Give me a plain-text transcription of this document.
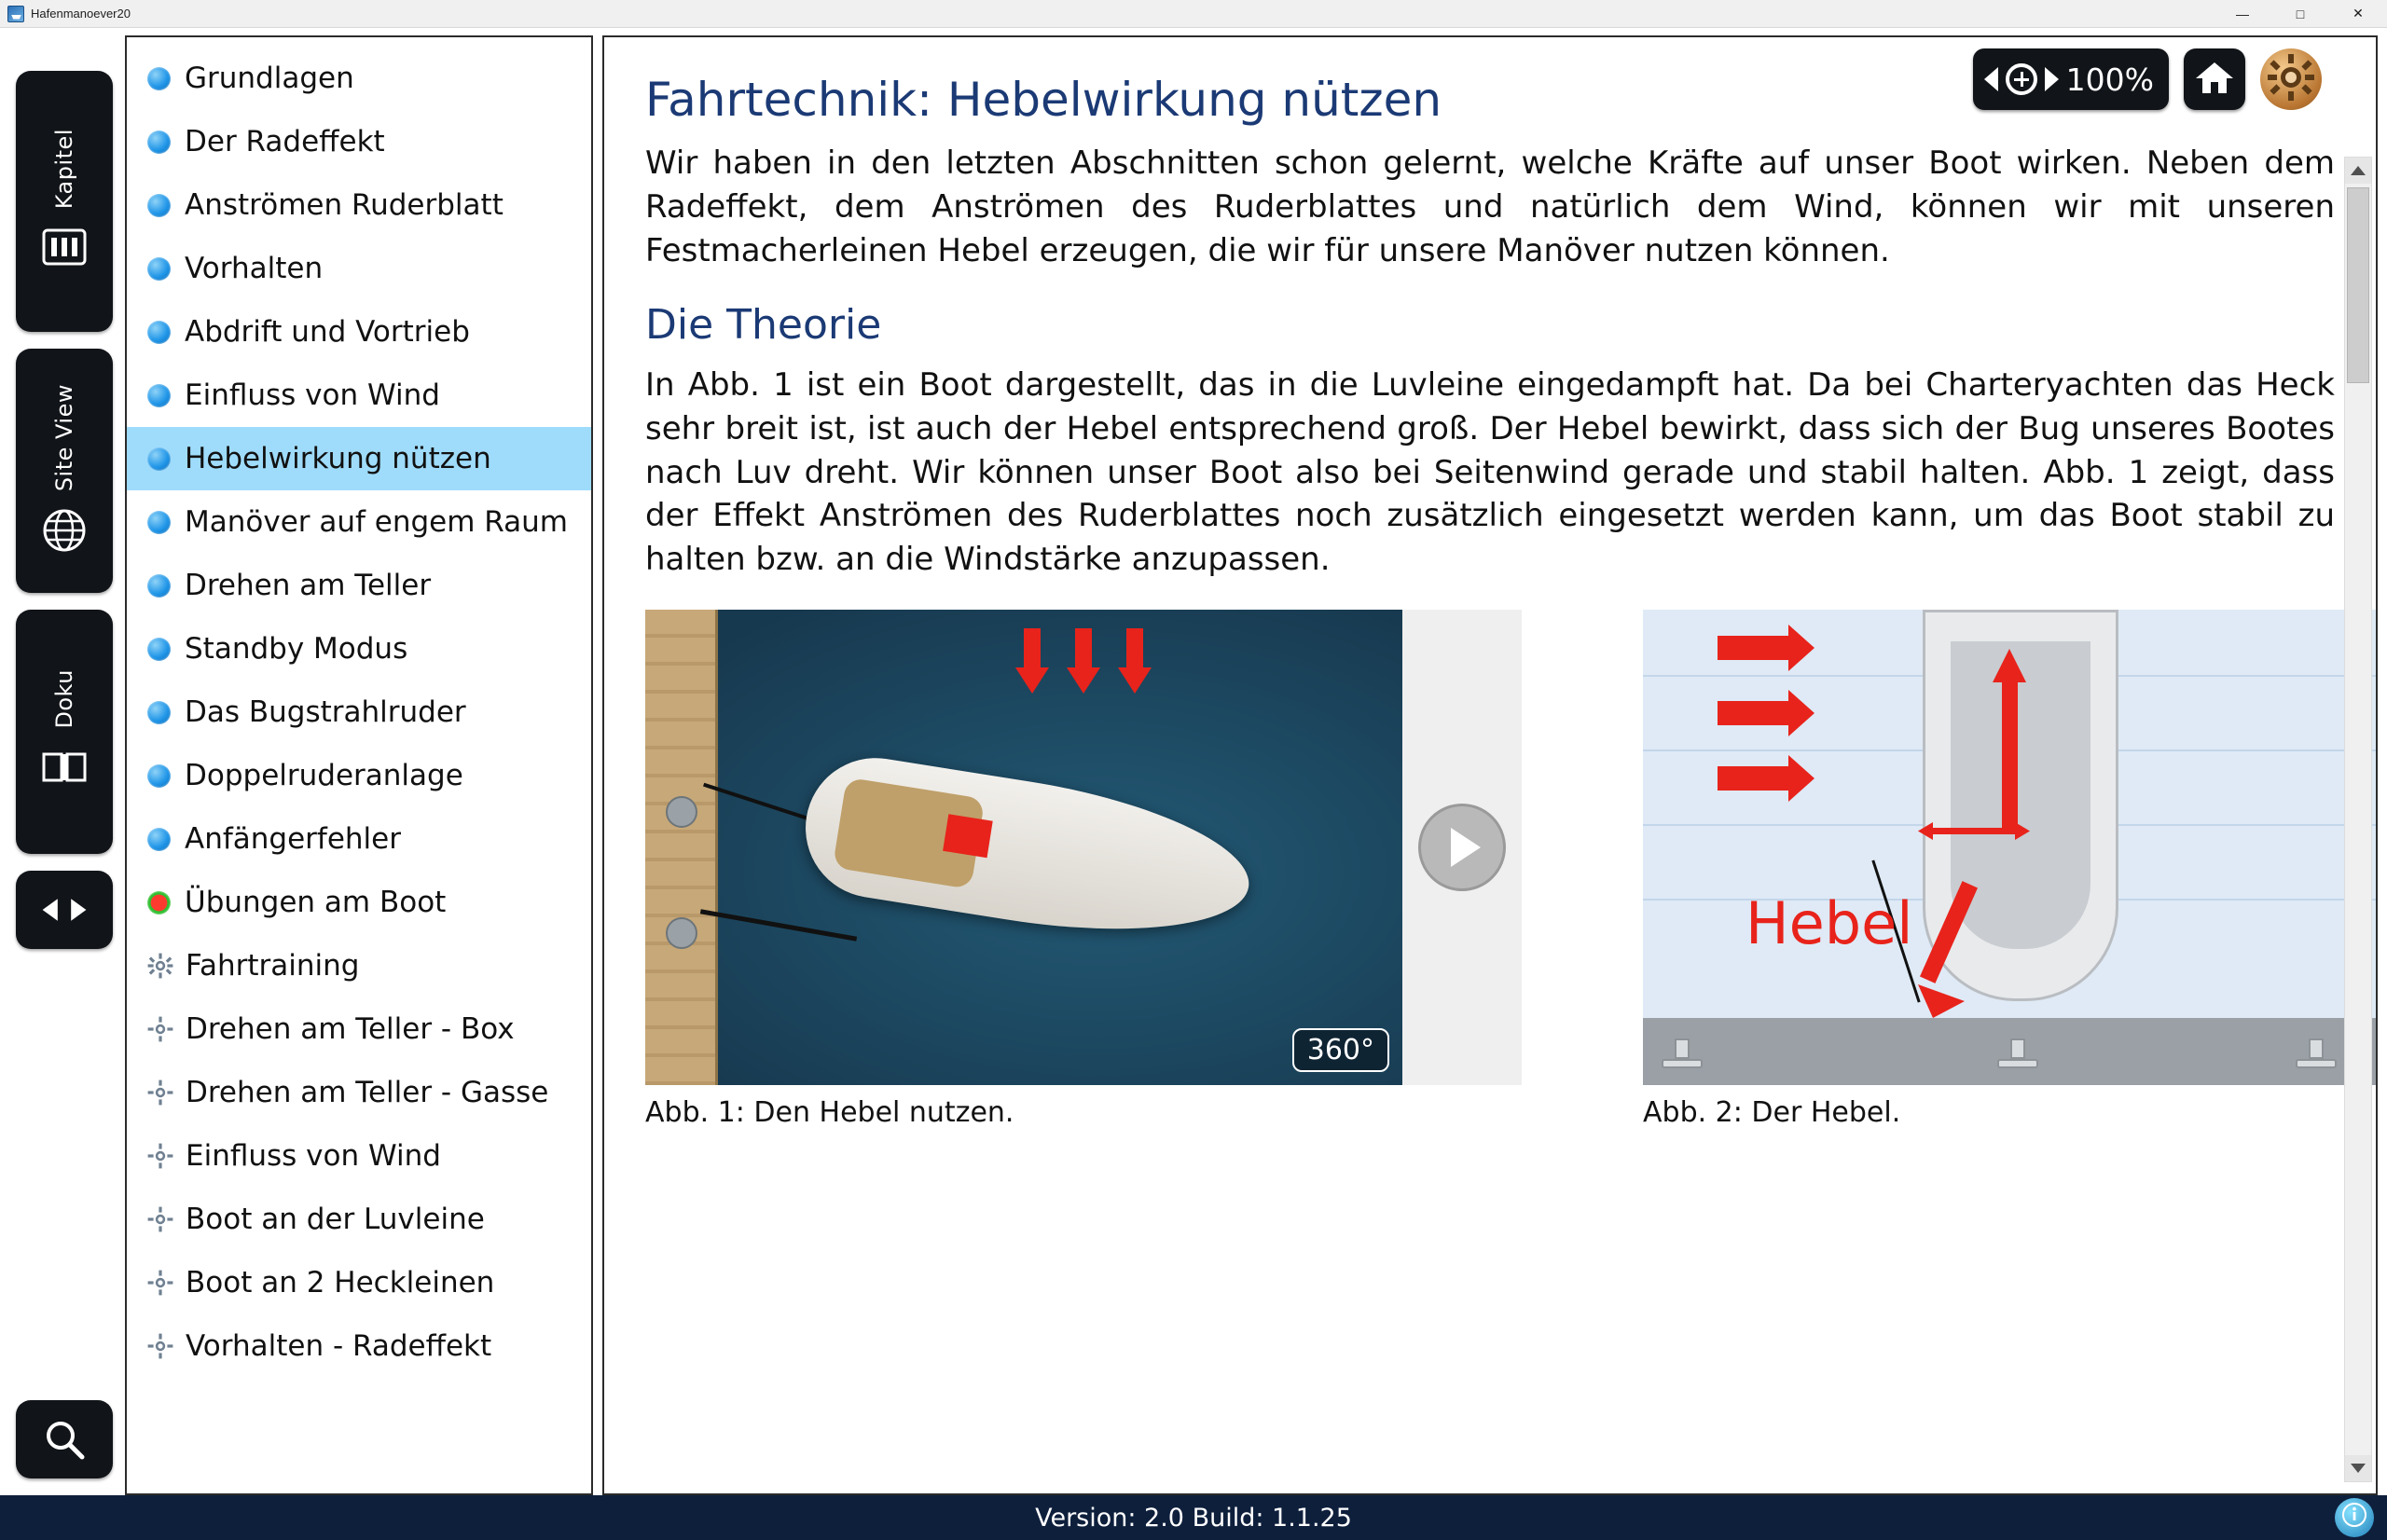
Hafenmanoever20	—	□	✕
Kapitel
Site View
Doku
Grundlagen
Der Radeffekt
Anströmen Ruderblatt
Vorhalten
Abdrift und Vortrieb
Einfluss von Wind
Hebelwirkung nützen
Manöver auf engem Raum
Drehen am Teller
Standby Modus
Das Bugstrahlruder
Doppelruderanlage
Anfängerfehler
Übungen am Boot
Fahrtraining
Drehen am Teller - Box
Drehen am Teller - Gasse
Einfluss von Wind
Boot an der Luvleine
Boot an 2 Heckleinen
Vorhalten - Radeffekt
100%
Fahrtechnik: Hebelwirkung nützen

Wir haben in den letzten Abschnitten schon gelernt, welche Kräfte auf unser Boot wirken. Neben dem Radeffekt, dem Anströmen des Ruderblattes und natürlich dem Wind, können wir mit unseren Festmacherleinen Hebel erzeugen, die wir für unsere Manöver nutzen können.

Die Theorie

In Abb. 1 ist ein Boot dargestellt, das in die Luvleine eingedampft hat. Da bei Charteryachten das Heck sehr breit ist, ist auch der Hebel entsprechend groß. Der Hebel bewirkt, dass sich der Bug unseres Bootes nach Luv dreht. Wir können unser Boot also bei Seitenwind gerade und stabil halten. Abb. 1 zeigt, dass der Effekt Anströmen des Ruderblattes noch zusätzlich eingesetzt werden kann, um das Boot stabil zu halten bzw. an die Windstärke anzupassen.

360°
Abb. 1: Den Hebel nutzen.
Hebel
Abb. 2: Der Hebel.
Version: 2.0 Build: 1.1.25
